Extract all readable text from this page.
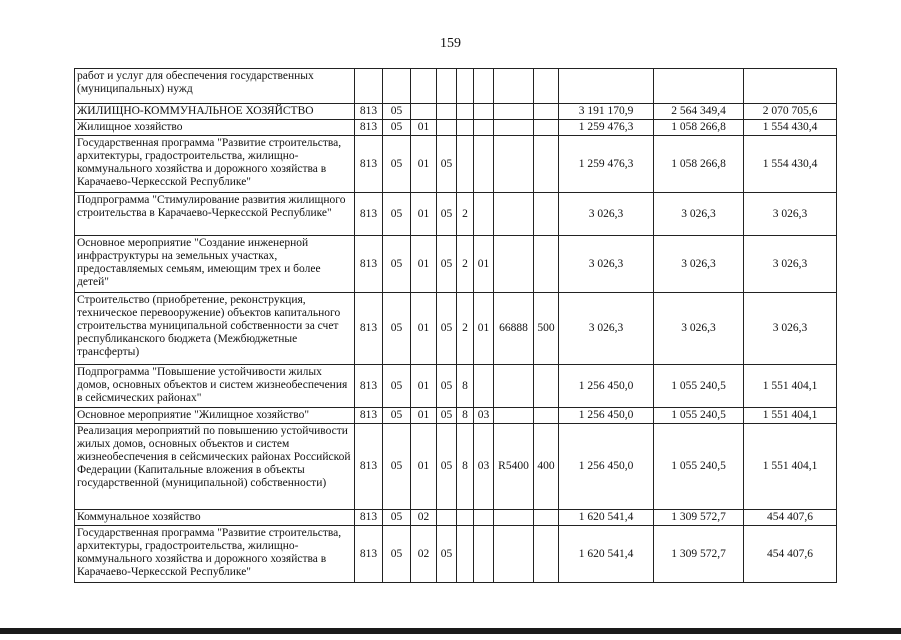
159
работ и услуг для обеспечения государственных (муниципальных) нужд											
ЖИЛИЩНО-КОММУНАЛЬНОЕ ХОЗЯЙСТВО	813	05							3 191 170,9	2 564 349,4	2 070 705,6
Жилищное хозяйство	813	05	01						1 259 476,3	1 058 266,8	1 554 430,4
Государственная программа "Развитие строительства, архитектуры, градостроительства, жилищно-коммунального хозяйства и дорожного хозяйства в Карачаево-Черкесской Республике"	813	05	01	05					1 259 476,3	1 058 266,8	1 554 430,4
Подпрограмма "Стимулирование развития жилищного строительства в Карачаево-Черкесской Республике"	813	05	01	05	2				3 026,3	3 026,3	3 026,3
Основное мероприятие "Создание инженерной инфраструктуры на земельных участках, предоставляемых семьям, имеющим трех и более детей"	813	05	01	05	2	01			3 026,3	3 026,3	3 026,3
Строительство (приобретение, реконструкция, техническое перевооружение) объектов капитального строительства муниципальной собственности за счет республиканского бюджета (Межбюджетные трансферты)	813	05	01	05	2	01	66888	500	3 026,3	3 026,3	3 026,3
Подпрограмма "Повышение устойчивости жилых домов, основных объектов и систем жизнеобеспечения в сейсмических районах"	813	05	01	05	8				1 256 450,0	1 055 240,5	1 551 404,1
Основное мероприятие "Жилищное хозяйство"	813	05	01	05	8	03			1 256 450,0	1 055 240,5	1 551 404,1
Реализация мероприятий по повышению устойчивости жилых домов, основных объектов и систем жизнеобеспечения в сейсмических районах Российской Федерации (Капитальные вложения в объекты государственной (муниципальной) собственности)	813	05	01	05	8	03	R5400	400	1 256 450,0	1 055 240,5	1 551 404,1
Коммунальное хозяйство	813	05	02						1 620 541,4	1 309 572,7	454 407,6
Государственная программа "Развитие строительства, архитектуры, градостроительства, жилищно-коммунального хозяйства и дорожного хозяйства в Карачаево-Черкесской Республике"	813	05	02	05					1 620 541,4	1 309 572,7	454 407,6
